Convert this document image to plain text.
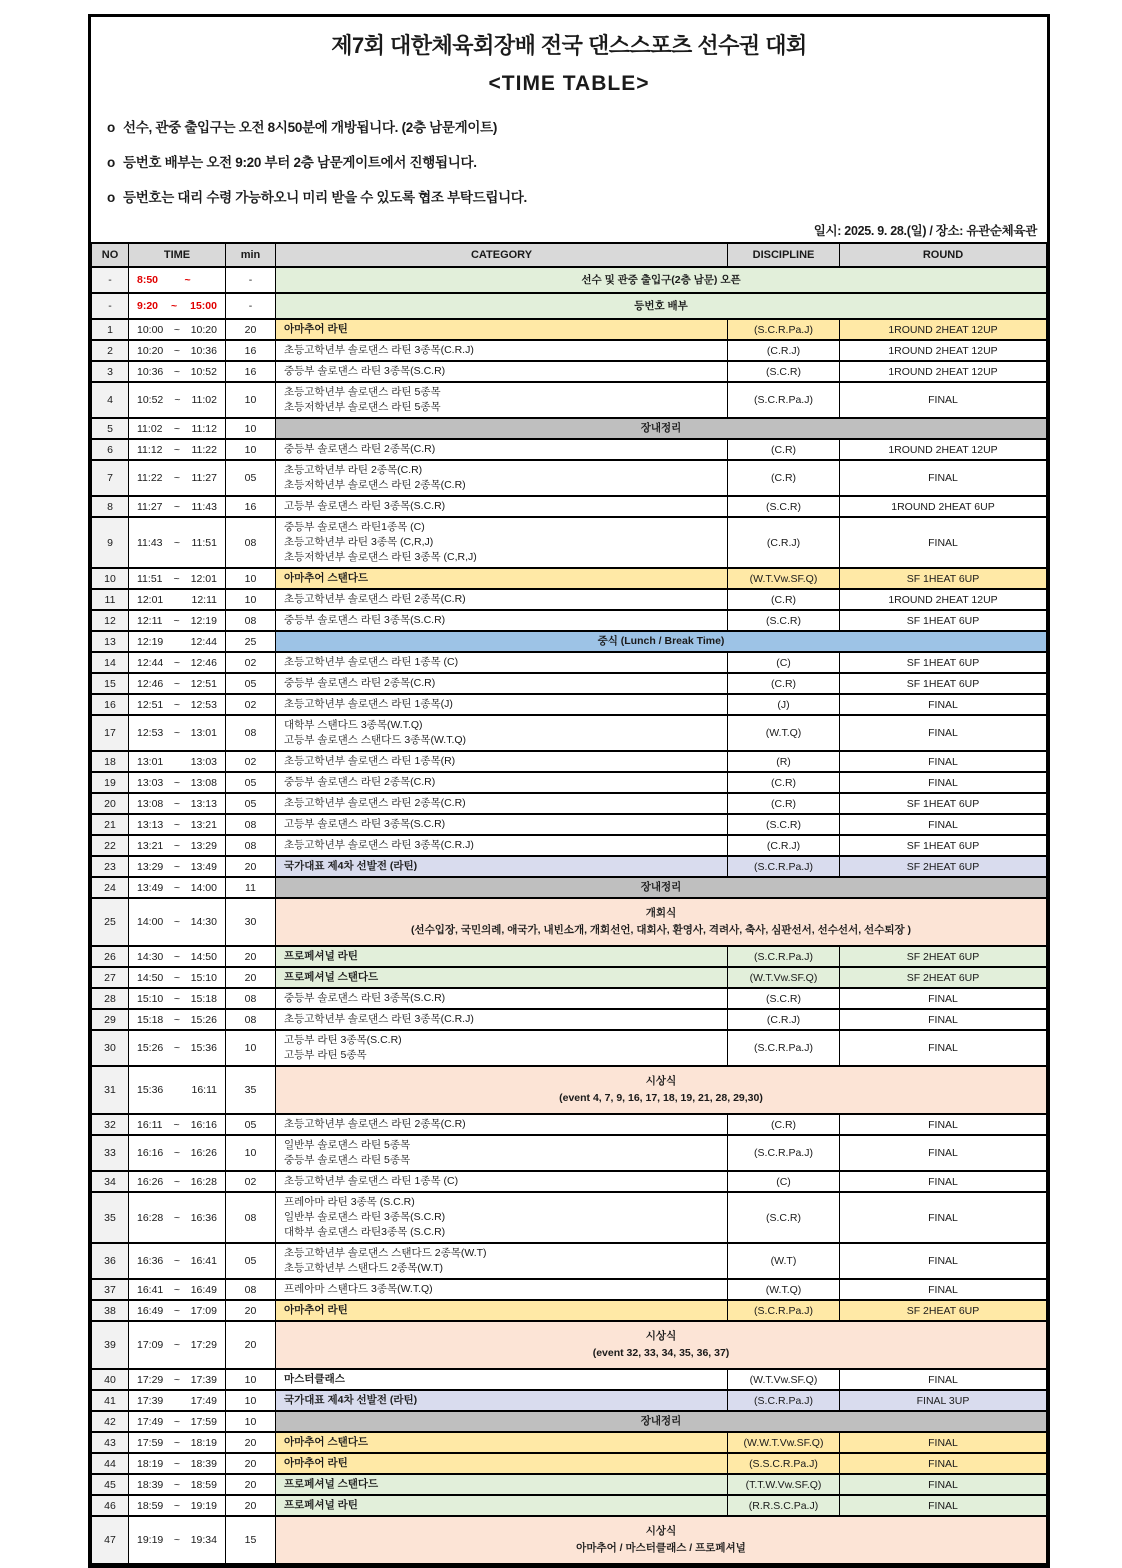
제7회 대한체육회장배 전국 댄스스포츠 선수권 대회
<TIME TABLE>
o 선수, 관중 출입구는 오전 8시50분에 개방됩니다. (2층 남문게이트)
o 등번호 배부는 오전 9:20 부터 2층 남문게이트에서 진행됩니다.
o 등번호는 대리 수령 가능하오니 미리 받을 수 있도록 협조 부탁드립니다.
일시: 2025. 9. 28.(일) / 장소: 유관순체육관
NO	TIME	min	CATEGORY	DISCIPLINE	ROUND
-	8:50 ~	-	선수 및 관중 출입구(2층 남문) 오픈		

-	9:20 ~ 15:00	-	등번호 배부		

1	10:00 ~ 10:20	20	아마추어 라틴	(S.C.R.Pa.J)	1ROUND 2HEAT 12UP
2	10:20 ~ 10:36	16	초등고학년부 솔로댄스 라틴 3종목(C.R.J)	(C.R.J)	1ROUND 2HEAT 12UP
3	10:36 ~ 10:52	16	중등부 솔로댄스 라틴 3종목(S.C.R)	(S.C.R)	1ROUND 2HEAT 12UP
4	10:52 ~ 11:02	10	
초등고학년부 솔로댄스 라틴 5종목
초등저학년부 솔로댄스 라틴 5종목
	(S.C.R.Pa.J)	FINAL
5	11:02 ~ 11:12	10	장내정리		

6	11:12 ~ 11:22	10	중등부 솔로댄스 라틴 2종목(C.R)	(C.R)	1ROUND 2HEAT 12UP
7	11:22 ~ 11:27	05	
초등고학년부 라틴 2종목(C.R)
초등저학년부 솔로댄스 라틴 2종목(C.R)
	(C.R)	FINAL
8	11:27 ~ 11:43	16	고등부 솔로댄스 라틴 3종목(S.C.R)	(S.C.R)	1ROUND 2HEAT 6UP
9	11:43 ~ 11:51	08	
중등부 솔로댄스 라틴1종목 (C)
초등고학년부 라틴 3종목 (C,R,J)
초등저학년부 솔로댄스 라틴 3종목 (C,R,J)
	(C.R.J)	FINAL
10	11:51 ~ 12:01	10	아마추어 스탠다드	(W.T.Vw.SF.Q)	SF 1HEAT 6UP
11	12:01 12:11	10	초등고학년부 솔로댄스 라틴 2종목(C.R)	(C.R)	1ROUND 2HEAT 12UP
12	12:11 ~ 12:19	08	중등부 솔로댄스 라틴 3종목(S.C.R)	(S.C.R)	SF 1HEAT 6UP
13	12:19 12:44	25	중식 (Lunch / Break Time)		

14	12:44 ~ 12:46	02	초등고학년부 솔로댄스 라틴 1종목 (C)	(C)	SF 1HEAT 6UP
15	12:46 ~ 12:51	05	중등부 솔로댄스 라틴 2종목(C.R)	(C.R)	SF 1HEAT 6UP
16	12:51 ~ 12:53	02	초등고학년부 솔로댄스 라틴 1종목(J)	(J)	FINAL
17	12:53 ~ 13:01	08	
대학부 스탠다드 3종목(W.T.Q)
고등부 솔로댄스 스탠다드 3종목(W.T.Q)
	(W.T.Q)	FINAL
18	13:01 13:03	02	초등고학년부 솔로댄스 라틴 1종목(R)	(R)	FINAL
19	13:03 ~ 13:08	05	중등부 솔로댄스 라틴 2종목(C.R)	(C.R)	FINAL
20	13:08 ~ 13:13	05	초등고학년부 솔로댄스 라틴 2종목(C.R)	(C.R)	SF 1HEAT 6UP
21	13:13 ~ 13:21	08	고등부 솔로댄스 라틴 3종목(S.C.R)	(S.C.R)	FINAL
22	13:21 ~ 13:29	08	초등고학년부 솔로댄스 라틴 3종목(C.R.J)	(C.R.J)	SF 1HEAT 6UP
23	13:29 ~ 13:49	20	국가대표 제4차 선발전 (라틴)	(S.C.R.Pa.J)	SF 2HEAT 6UP
24	13:49 ~ 14:00	11	장내정리		

25	14:00 ~ 14:30	30	
개회식
(선수입장, 국민의례, 애국가, 내빈소개, 개회선언, 대회사, 환영사, 격려사, 축사, 심판선서, 선수선서, 선수퇴장 )

26	14:30 ~ 14:50	20	프로페셔널 라틴	(S.C.R.Pa.J)	SF 2HEAT 6UP
27	14:50 ~ 15:10	20	프로페셔널 스탠다드	(W.T.Vw.SF.Q)	SF 2HEAT 6UP
28	15:10 ~ 15:18	08	중등부 솔로댄스 라틴 3종목(S.C.R)	(S.C.R)	FINAL
29	15:18 ~ 15:26	08	초등고학년부 솔로댄스 라틴 3종목(C.R.J)	(C.R.J)	FINAL
30	15:26 ~ 15:36	10	
고등부 라틴 3종목(S.C.R)
고등부 라틴 5종목
	(S.C.R.Pa.J)	FINAL
31	15:36	16:11	35	
시상식
(event 4, 7, 9, 16, 17, 18, 19, 21, 28, 29,30)

32	16:11 ~ 16:16	05	초등고학년부 솔로댄스 라틴 2종목(C.R)	(C.R)	FINAL
33	16:16 ~ 16:26	10	
일반부 솔로댄스 라틴 5종목
중등부 솔로댄스 라틴 5종목
	(S.C.R.Pa.J)	FINAL
34	16:26 ~ 16:28	02	초등고학년부 솔로댄스 라틴 1종목 (C)	(C)	FINAL
35	16:28 ~ 16:36	08	
프레아마 라틴 3종목 (S.C.R)
일반부 솔로댄스 라틴 3종목(S.C.R)
대학부 솔로댄스 라틴3종목 (S.C.R)
	(S.C.R)	FINAL
36	16:36 ~ 16:41	05	
초등고학년부 솔로댄스 스탠다드 2종목(W.T)
초등고학년부 스탠다드 2종목(W.T)
	(W.T)	FINAL
37	16:41 ~ 16:49	08	프레아마 스탠다드 3종목(W.T.Q)	(W.T.Q)	FINAL
38	16:49 ~ 17:09	20	아마추어 라틴	(S.C.R.Pa.J)	SF 2HEAT 6UP
39	17:09 ~ 17:29	20	
시상식
(event 32, 33, 34, 35, 36, 37)

40	17:29 ~ 17:39	10	마스터클래스	(W.T.Vw.SF.Q)	FINAL
41	17:39 17:49	10	국가대표 제4차 선발전 (라틴)	(S.C.R.Pa.J)	FINAL 3UP
42	17:49 ~ 17:59	10	장내정리		

43	17:59 ~ 18:19	20	아마추어 스탠다드	(W.W.T.Vw.SF.Q)	FINAL
44	18:19 ~ 18:39	20	아마추어 라틴	(S.S.C.R.Pa.J)	FINAL
45	18:39 ~ 18:59	20	프로페셔널 스탠다드	(T.T.W.Vw.SF.Q)	FINAL
46	18:59 ~ 19:19	20	프로페셔널 라틴	(R.R.S.C.Pa.J)	FINAL
47	19:19 ~ 19:34	15	
시상식
아마추어 / 마스터클래스 / 프로페셔널
